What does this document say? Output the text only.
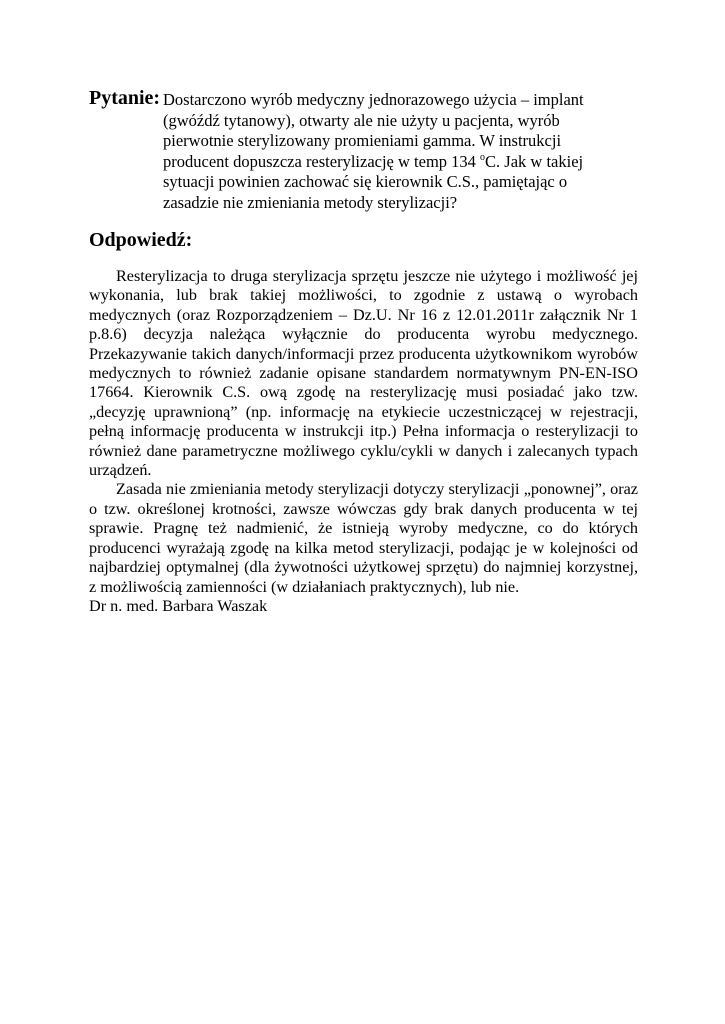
Pytanie: Dostarczono wyrób medyczny jednorazowego użycia – implant
(gwóźdź tytanowy), otwarty ale nie użyty u pacjenta, wyrób
pierwotnie sterylizowany promieniami gamma. W instrukcji
producent dopuszcza resterylizację w temp 134 $^o$C. Jak w takiej
sytuacji powinien zachować się kierownik C.S., pamiętając o
zasadzie nie zmieniania metody sterylizacji?
Odpowiedź:

Resterylizacja to druga sterylizacja sprzętu jeszcze nie użytego i możliwość jej wykonania, lub brak takiej możliwości, to zgodnie z ustawą o wyrobach medycznych (oraz Rozporządzeniem – Dz.U. Nr 16 z 12.01.2011r załącznik Nr 1 p.8.6) decyzja należąca wyłącznie do producenta wyrobu medycznego. Przekazywanie takich danych/informacji przez producenta użytkownikom wyrobów medycznych to również zadanie opisane standardem normatywnym PN-EN-ISO 17664. Kierownik C.S. ową zgodę na resterylizację musi posiadać jako tzw. „decyzję uprawnioną” (np. informację na etykiecie uczestniczącej w rejestracji, pełną informację producenta w instrukcji itp.) Pełna informacja o resterylizacji to również dane parametryczne możliwego cyklu/cykli w danych i zalecanych typach urządzeń.

Zasada nie zmieniania metody sterylizacji dotyczy sterylizacji „ponownej”, oraz o tzw. określonej krotności, zawsze wówczas gdy brak danych producenta w tej sprawie. Pragnę też nadmienić, że istnieją wyroby medyczne, co do których producenci wyrażają zgodę na kilka metod sterylizacji, podając je w kolejności od najbardziej optymalnej (dla żywotności użytkowej sprzętu) do najmniej korzystnej, z możliwością zamienności (w działaniach praktycznych), lub nie.

Dr n. med. Barbara Waszak
